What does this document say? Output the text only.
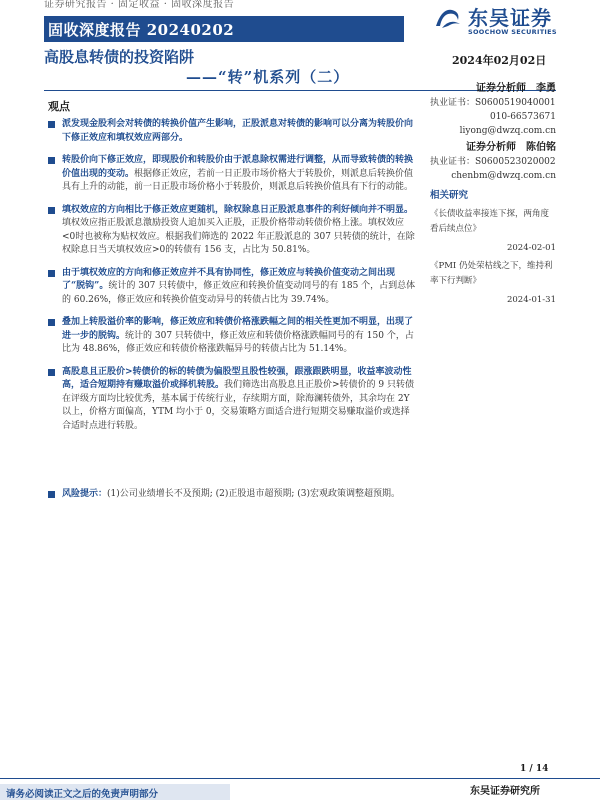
证券研究报告 · 固定收益 · 固收深度报告
固收深度报告 20240202	东吴证券
SOOCHOW SECURITIES
高股息转债的投资陷阱
——“转”机系列（二）
2024年02月02日
观点
派发现金股利会对转债的转换价值产生影响，正股派息对转债的影响可以分离为转股价向下修正效应和填权效应两部分。
转股价向下修正效应，即现股价和转股价由于派息除权需进行调整，从而导致转债的转换价值出现的变动。根据修正效应，若前一日正股市场价格大于转股价，则派息后转换价值具有上升的动能，前一日正股市场价格小于转股价，则派息后转换价值具有下行的动能。
填权效应的方向相比于修正效应更随机，除权除息日正股派息事件的利好倾向并不明显。填权效应指正股派息激励投资人追加买入正股，正股价格带动转债价格上涨。填权效应<0时也被称为贴权效应。根据我们筛选的 2022 年正股派息的 307 只转债的统计，在除权除息日当天填权效应>0的转债有 156 支，占比为 50.81%。
由于填权效应的方向和修正效应并不具有协同性，修正效应与转换价值变动之间出现了“脱钩”。统计的 307 只转债中，修正效应和转换价值变动同号的有 185 个，占到总体的 60.26%，修正效应和转换价值变动异号的转债占比为 39.74%。
叠加上转股溢价率的影响，修正效应和转债价格涨跌幅之间的相关性更加不明显，出现了进一步的脱钩。统计的 307 只转债中，修正效应和转债价格涨跌幅同号的有 150 个，占比为 48.86%，修正效应和转债价格涨跌幅异号的转债占比为 51.14%。
高股息且正股价>转债价的标的转债为偏股型且股性较强，跟涨跟跌明显，收益率波动性高，适合短期持有赚取溢价或择机转股。我们筛选出高股息且正股价>转债价的 9 只转债在评级方面均比较优秀，基本属于传统行业，存续期方面，除海澜转债外，其余均在 2Y 以上，价格方面偏高，YTM 均小于 0，交易策略方面适合进行短期交易赚取溢价或选择合适时点进行转股。
风险提示：(1)公司业绩增长不及预期; (2)正股退市超预期; (3)宏观政策调整超预期。
证券分析师　李勇
执业证书：S0600519040001
010-66573671
liyong@dwzq.com.cn
证券分析师　陈伯铭
执业证书：S0600523020002
chenbm@dwzq.com.cn
相关研究
《长债收益率接连下探，两角度看后续点位》
2024-02-01
《PMI 仍处荣枯线之下，维持利率下行判断》
2024-01-31
1 / 14
请务必阅读正文之后的免责声明部分	东吴证券研究所
